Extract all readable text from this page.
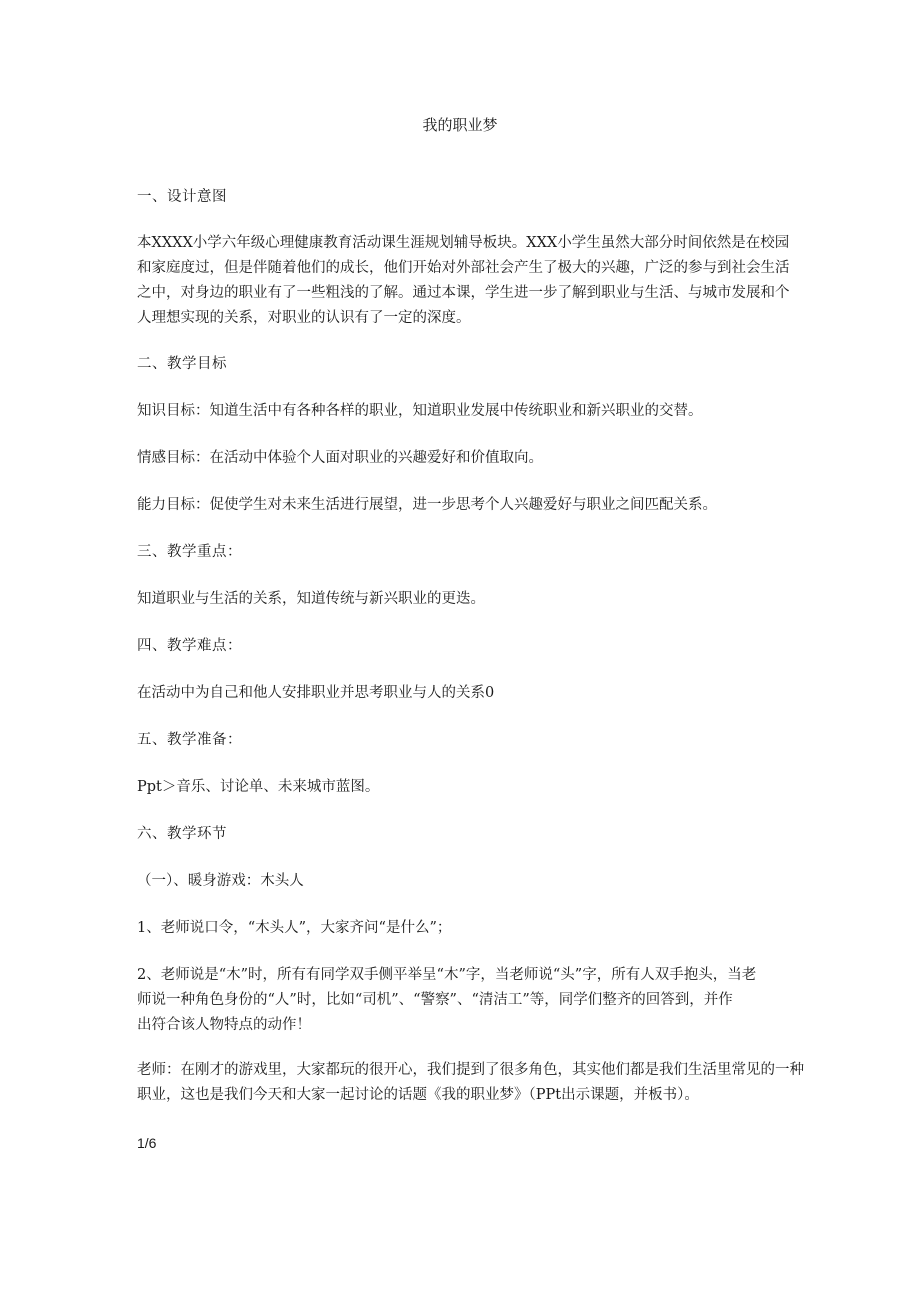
我的职业梦
一、设计意图
本XXXX小学六年级心理健康教育活动课生涯规划辅导板块。XXX小学生虽然大部分时间依然是在校园
和家庭度过，但是伴随着他们的成长，他们开始对外部社会产生了极大的兴趣，广泛的参与到社会生活
之中，对身边的职业有了一些粗浅的了解。通过本课，学生进一步了解到职业与生活、与城市发展和个
人理想实现的关系，对职业的认识有了一定的深度。
二、教学目标
知识目标：知道生活中有各种各样的职业，知道职业发展中传统职业和新兴职业的交替。
情感目标：在活动中体验个人面对职业的兴趣爱好和价值取向。
能力目标：促使学生对未来生活进行展望，进一步思考个人兴趣爱好与职业之间匹配关系。
三、教学重点：
知道职业与生活的关系，知道传统与新兴职业的更迭。
四、教学难点：
在活动中为自己和他人安排职业并思考职业与人的关系0
五、教学准备：
Ppt＞音乐、讨论单、未来城市蓝图。
六、教学环节
（一）、暖身游戏：木头人
1、老师说口令，“木头人”，大家齐问“是什么”；
2、老师说是“木”时，所有有同学双手侧平举呈“木”字，当老师说“头”字，所有人双手抱头，当老
师说一种角色身份的“人”时，比如“司机”、“警察”、“清洁工”等，同学们整齐的回答到，并作
出符合该人物特点的动作！
老师：在刚才的游戏里，大家都玩的很开心，我们提到了很多角色，其实他们都是我们生活里常见的一种
职业，这也是我们今天和大家一起讨论的话题《我的职业梦》（PPt出示课题，并板书）。
1/6
